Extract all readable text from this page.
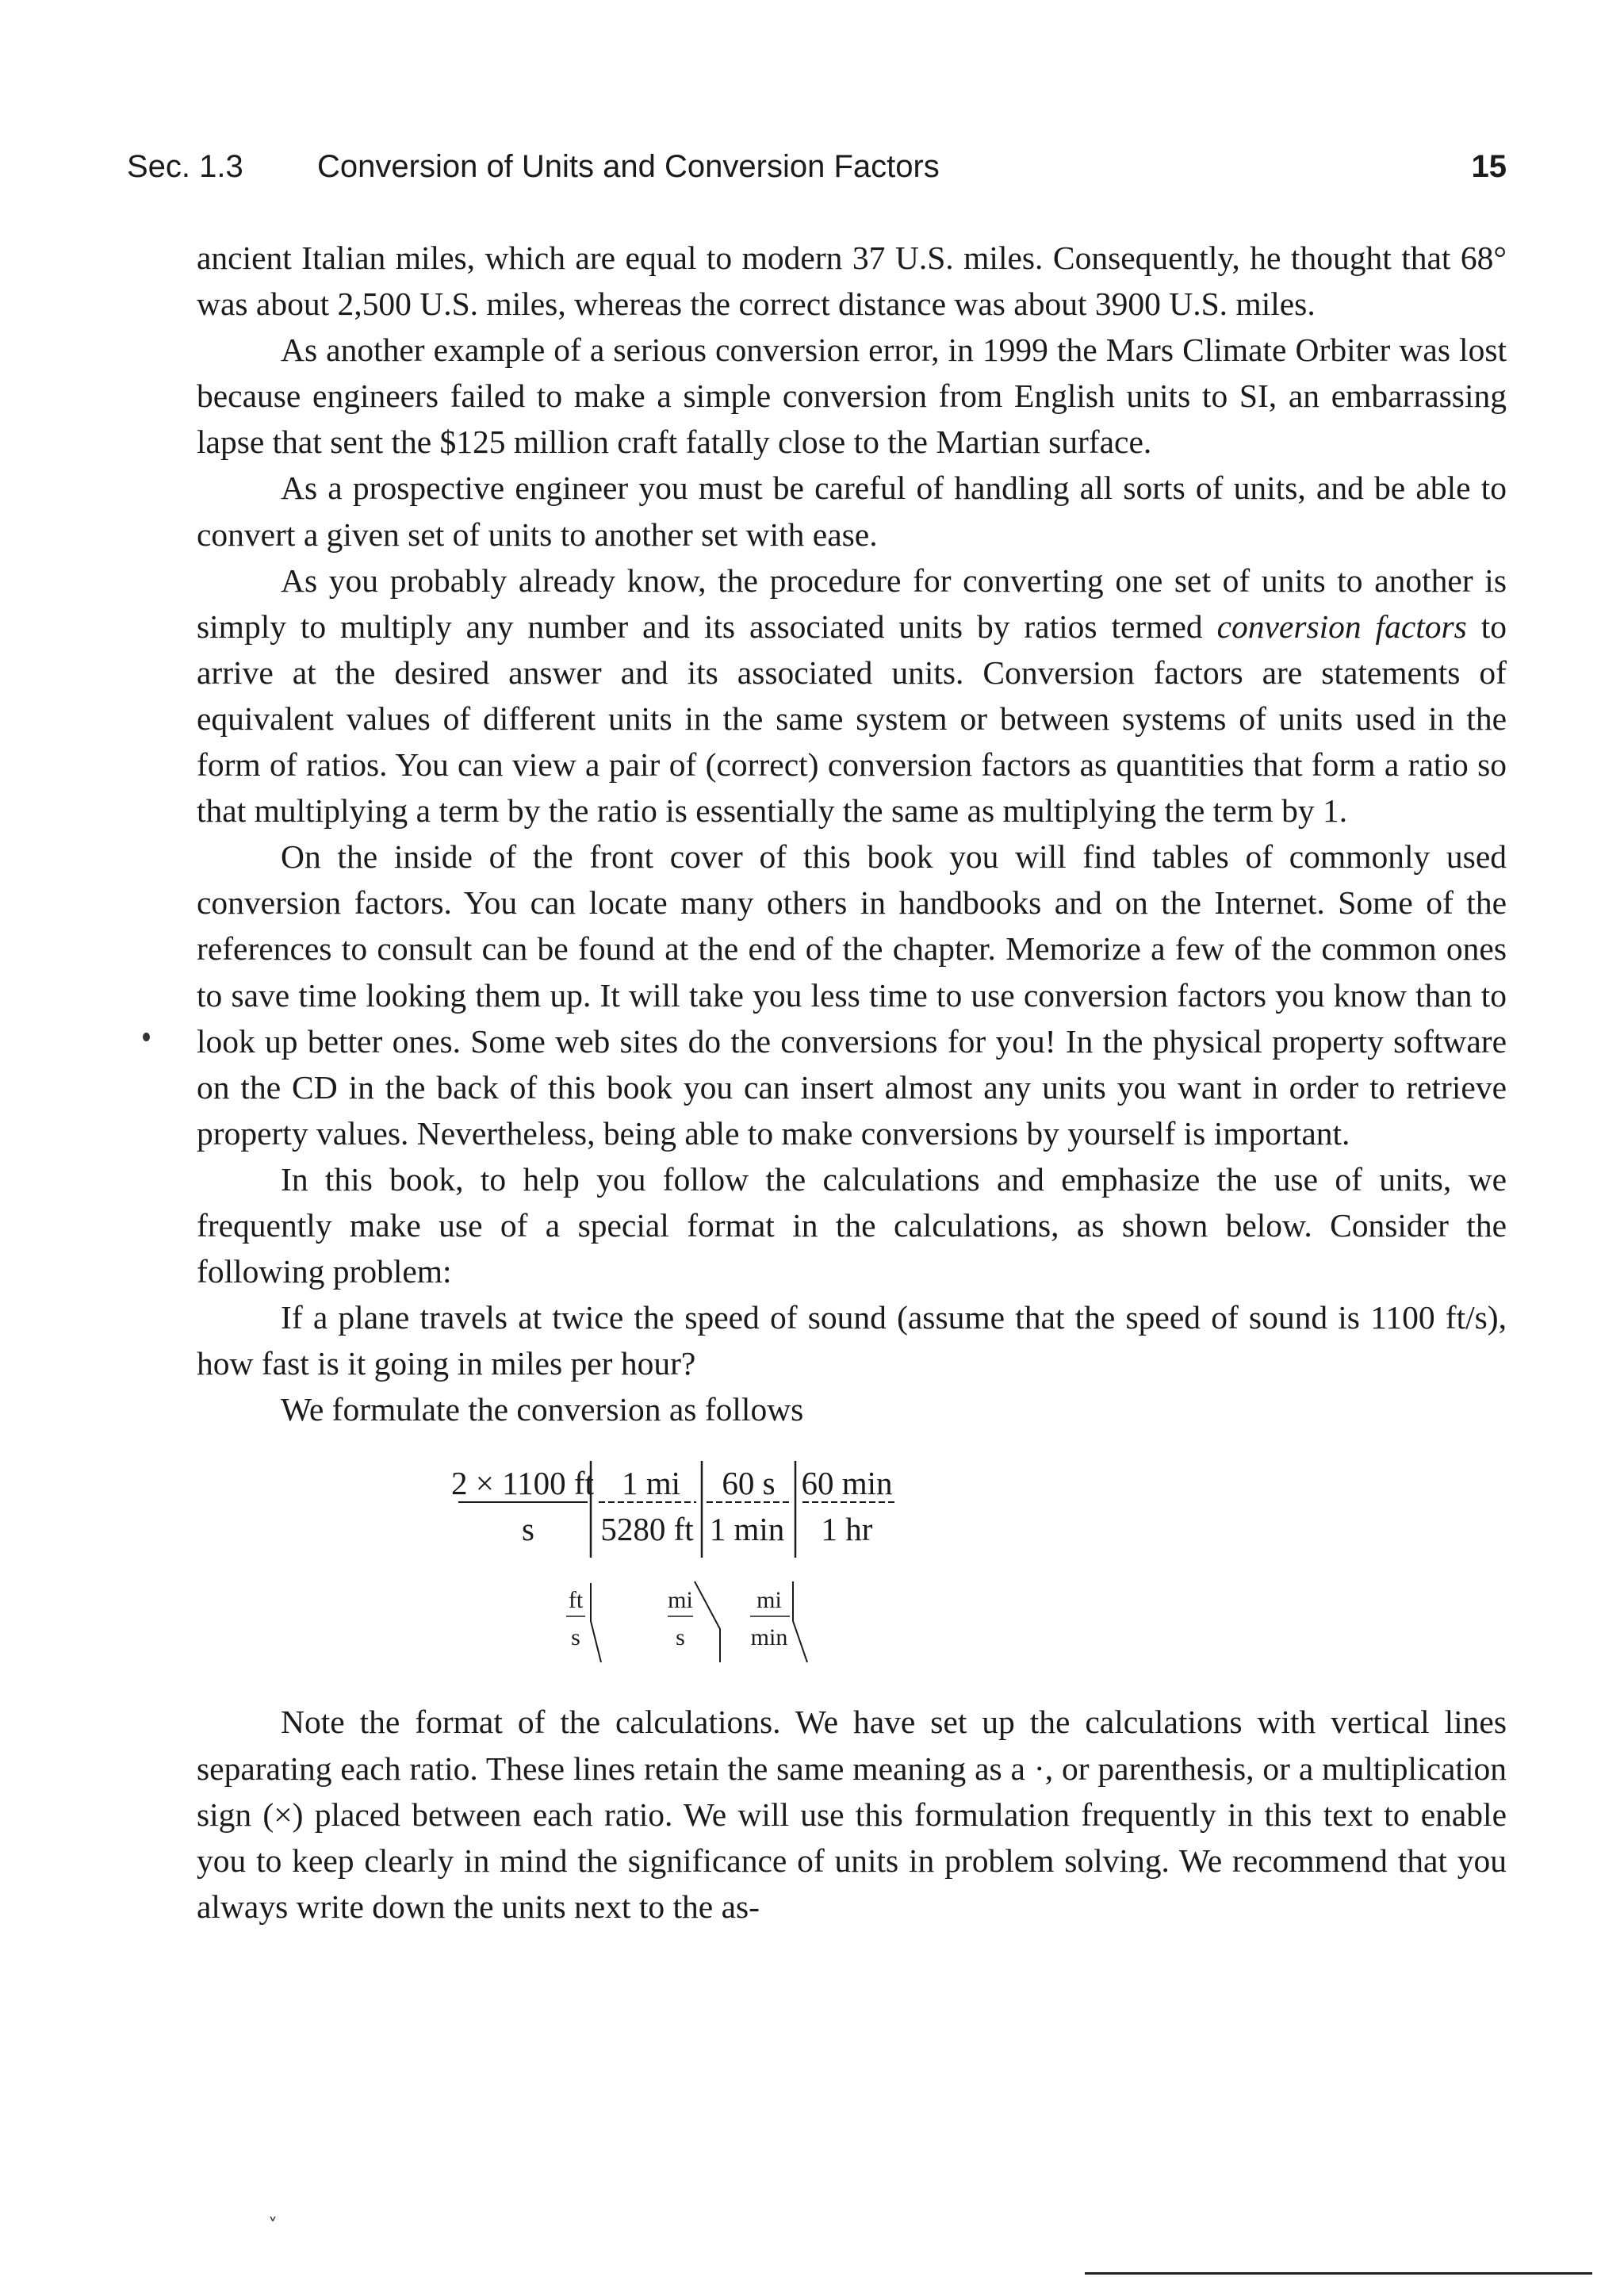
Sec. 1.3 Conversion of Units and Conversion Factors	15

ancient Italian miles, which are equal to modern 37 U.S. miles. Consequently, he thought that 68° was about 2,500 U.S. miles, whereas the correct distance was about 3900 U.S. miles.

As another example of a serious conversion error, in 1999 the Mars Climate Orbiter was lost because engineers failed to make a simple conversion from English units to SI, an embarrassing lapse that sent the $125 million craft fatally close to the Martian surface.

As a prospective engineer you must be careful of handling all sorts of units, and be able to convert a given set of units to another set with ease.

As you probably already know, the procedure for converting one set of units to another is simply to multiply any number and its associated units by ratios termed conversion factors to arrive at the desired answer and its associated units. Conversion factors are statements of equivalent values of different units in the same system or between systems of units used in the form of ratios. You can view a pair of (correct) conversion factors as quantities that form a ratio so that multiplying a term by the ratio is essentially the same as multiplying the term by 1.

On the inside of the front cover of this book you will find tables of commonly used conversion factors. You can locate many others in handbooks and on the Internet. Some of the references to consult can be found at the end of the chapter. Memorize a few of the common ones to save time looking them up. It will take you less time to use conversion factors you know than to look up better ones. Some web sites do the conversions for you! In the physical property software on the CD in the back of this book you can insert almost any units you want in order to retrieve property values. Nevertheless, being able to make conversions by yourself is important.

In this book, to help you follow the calculations and emphasize the use of units, we frequently make use of a special format in the calculations, as shown below. Consider the following problem:

If a plane travels at twice the speed of sound (assume that the speed of sound is 1100 ft/s), how fast is it going in miles per hour?

We formulate the conversion as follows

2 × 1100 ft
s
1 mi
5280 ft
60 s
1 min
60 min
1 hr
ft
s
mi
s
mi
min

Note the format of the calculations. We have set up the calculations with vertical lines separating each ratio. These lines retain the same meaning as a ·, or parenthesis, or a multiplication sign (×) placed between each ratio. We will use this formulation frequently in this text to enable you to keep clearly in mind the significance of units in problem solving. We recommend that you always write down the units next to the as-

˅
